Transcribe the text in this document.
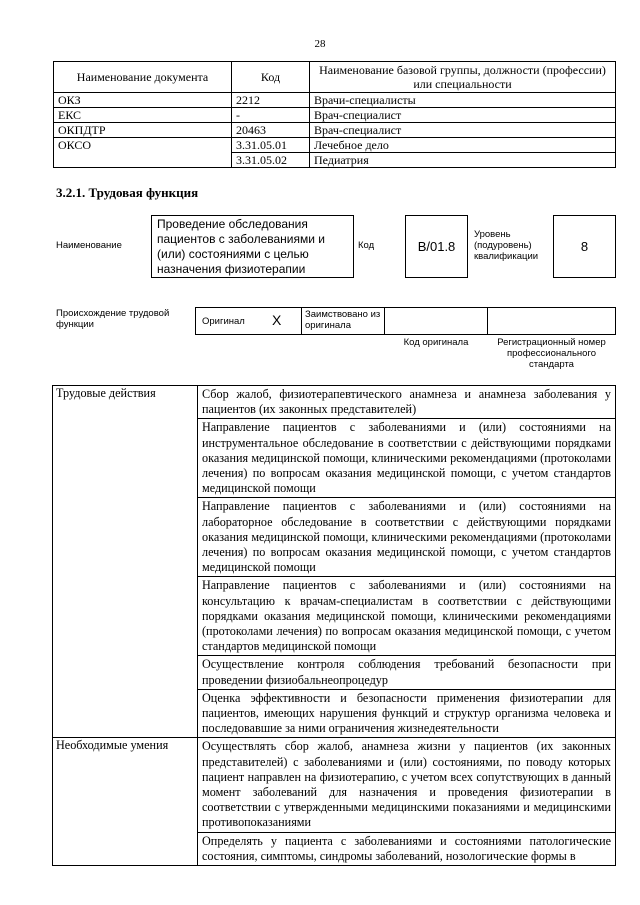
28
Наименование документа	Код	Наименование базовой группы, должности (профессии) или специальности
ОКЗ	2212	Врачи-специалисты
ЕКС	-	Врач-специалист
ОКПДТР	20463	Врач-специалист
ОКСО	3.31.05.01	Лечебное дело
	3.31.05.02	Педиатрия
3.2.1. Трудовая функция
Наименование
Проведение обследования пациентов с заболеваниями и (или) состояниями с целью назначения физиотерапии
Код	B/01.8
Уровень (подуровень) квалификации
8
Происхождение трудовой функции	Оригинал X	Заимствовано из оригинала
Код оригинала	Регистрационный номер профессионального стандарта
Трудовые действия	Сбор жалоб, физиотерапевтического анамнеза и анамнеза заболевания у пациентов (их законных представителей)
	Направление пациентов с заболеваниями и (или) состояниями на инструментальное обследование в соответствии с действующими порядками оказания медицинской помощи, клиническими рекомендациями (протоколами лечения) по вопросам оказания медицинской помощи, с учетом стандартов медицинской помощи
	Направление пациентов с заболеваниями и (или) состояниями на лабораторное обследование в соответствии с действующими порядками оказания медицинской помощи, клиническими рекомендациями (протоколами лечения) по вопросам оказания медицинской помощи, с учетом стандартов медицинской помощи
	Направление пациентов с заболеваниями и (или) состояниями на консультацию к врачам-специалистам в соответствии с действующими порядками оказания медицинской помощи, клиническими рекомендациями (протоколами лечения) по вопросам оказания медицинской помощи, с учетом стандартов медицинской помощи
	Осуществление контроля соблюдения требований безопасности при проведении физиобальнеопроцедур
	Оценка эффективности и безопасности применения физиотерапии для пациентов, имеющих нарушения функций и структур организма человека и последовавшие за ними ограничения жизнедеятельности
Необходимые умения	Осуществлять сбор жалоб, анамнеза жизни у пациентов (их законных представителей) с заболеваниями и (или) состояниями, по поводу которых пациент направлен на физиотерапию, с учетом всех сопутствующих в данный момент заболеваний для назначения и проведения физиотерапии в соответствии с утвержденными медицинскими показаниями и медицинскими противопоказаниями
	Определять у пациента с заболеваниями и состояниями патологические состояния, симптомы, синдромы заболеваний, нозологические формы в
